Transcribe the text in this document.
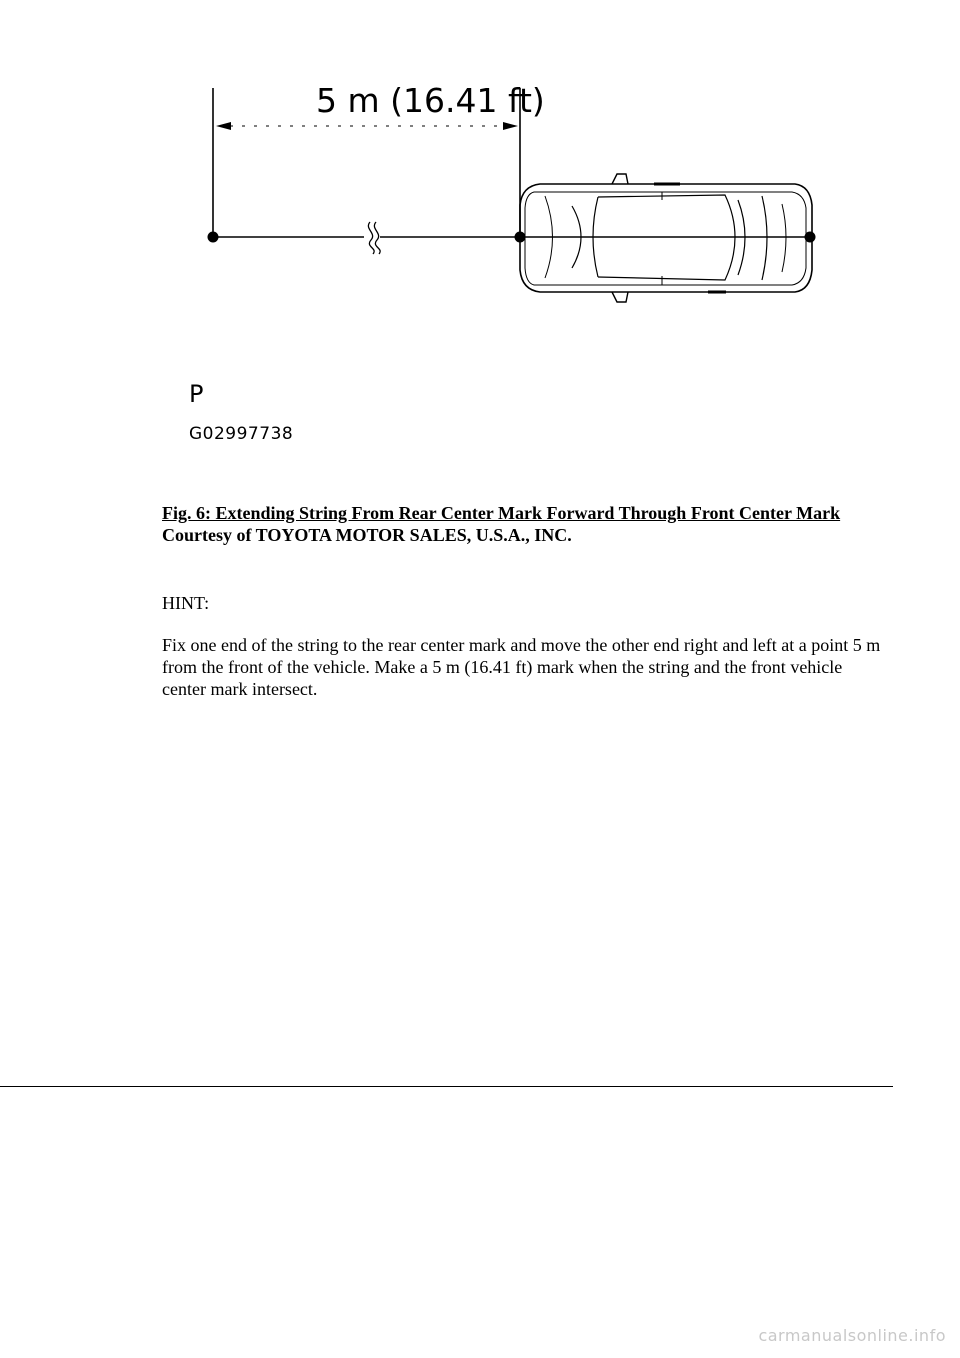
5 m (16.41 ft)
P
G02997738

Fig. 6: Extending String From Rear Center Mark Forward Through Front Center Mark

Courtesy of TOYOTA MOTOR SALES, U.S.A., INC.

HINT:

Fix one end of the string to the rear center mark and move the other end right and left at a point 5 m from the front of the vehicle. Make a 5 m (16.41 ft) mark when the string and the front vehicle center mark intersect.

carmanualsonline.info
